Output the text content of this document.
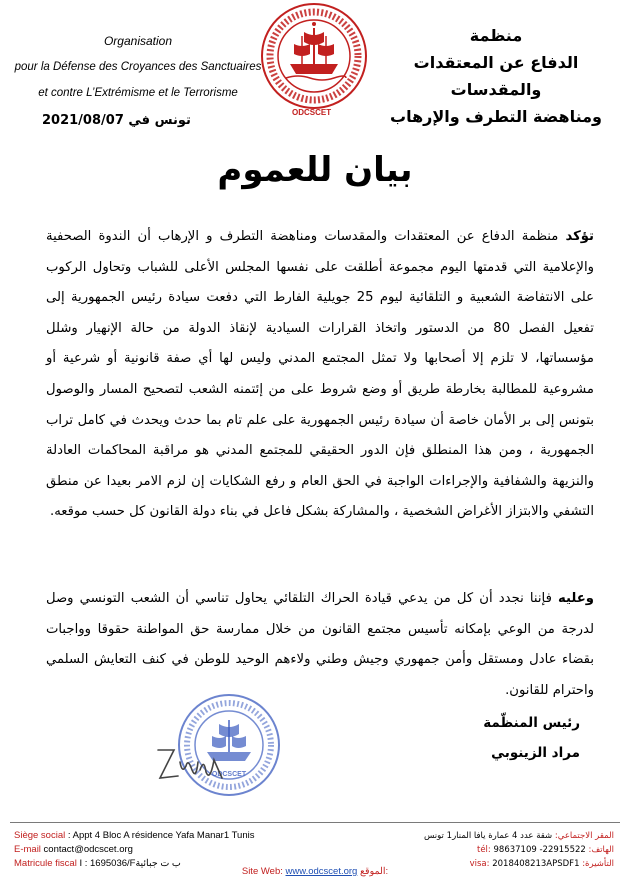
Organisation
pour la Défense des Croyances des Sanctuaires
et contre L’Extrémisme et le Terrorisme
تونس في 2021/08/07
منظمة
الدفاع عن المعتقدات والمقدسات
ومناهضة التطرف والإرهاب
ODCSCET
بيان للعموم
تؤكد منظمة الدفاع عن المعتقدات والمقدسات ومناهضة التطرف و الإرهاب أن الندوة الصحفية والإعلامية التي قدمتها اليوم مجموعة أطلقت على نفسها المجلس الأعلى للشباب وتحاول الركوب على الانتفاضة الشعبية و التلقائية ليوم 25 جويلية الفارط التي دفعت سيادة رئيس الجمهورية إلى تفعيل الفصل 80 من الدستور واتخاذ القرارات السيادية لإنقاذ الدولة من حالة الإنهيار وشلل مؤسساتها، لا تلزم إلا أصحابها ولا تمثل المجتمع المدني وليس لها أي صفة قانونية أو شرعية أو مشروعية للمطالبة بخارطة طريق أو وضع شروط على من إئتمنه الشعب لتصحيح المسار والوصول بتونس إلى بر الأمان خاصة أن سيادة رئيس الجمهورية على علم تام بما حدث ويحدث في كامل تراب الجمهورية ، ومن هذا المنطلق فإن الدور الحقيقي للمجتمع المدني هو مراقبة المحاكمات العادلة والنزيهة والشفافية والإجراءات الواجبة في الحق العام و رفع الشكايات إن لزم الامر بعيدا عن منطق التشفي والابتزاز الأغراض الشخصية ، والمشاركة بشكل فاعل في بناء دولة القانون كل حسب موقعه.
وعليه فإننا نجدد أن كل من يدعي قيادة الحراك التلقائي يحاول تناسي أن الشعب التونسي وصل لدرجة من الوعي بإمكانه تأسيس مجتمع القانون من خلال ممارسة حق المواطنة حقوقا وواجبات بقضاء عادل ومستقل وأمن جمهوري وجيش وطني ولاءهم الوحيد للوطن في كنف التعايش السلمي واحترام للقانون.
ODCSCET
رئيس المنظّمة
مراد الزينوبي
Siège social : Appt 4 Bloc A résidence Yafa Manar1 Tunis
E-mail contact@odcscet.org
Matricule fiscal I : 1695036/Fب ت جبائية
المقر الاجتماعي: شقة عدد 4 عمارة يافا المنار1 تونس
الهاتف: tél: 98637109 -22915522
التأشيرة: visa: 2018408213APSDF1
Site Web: www.odcscet.org الموقع:
